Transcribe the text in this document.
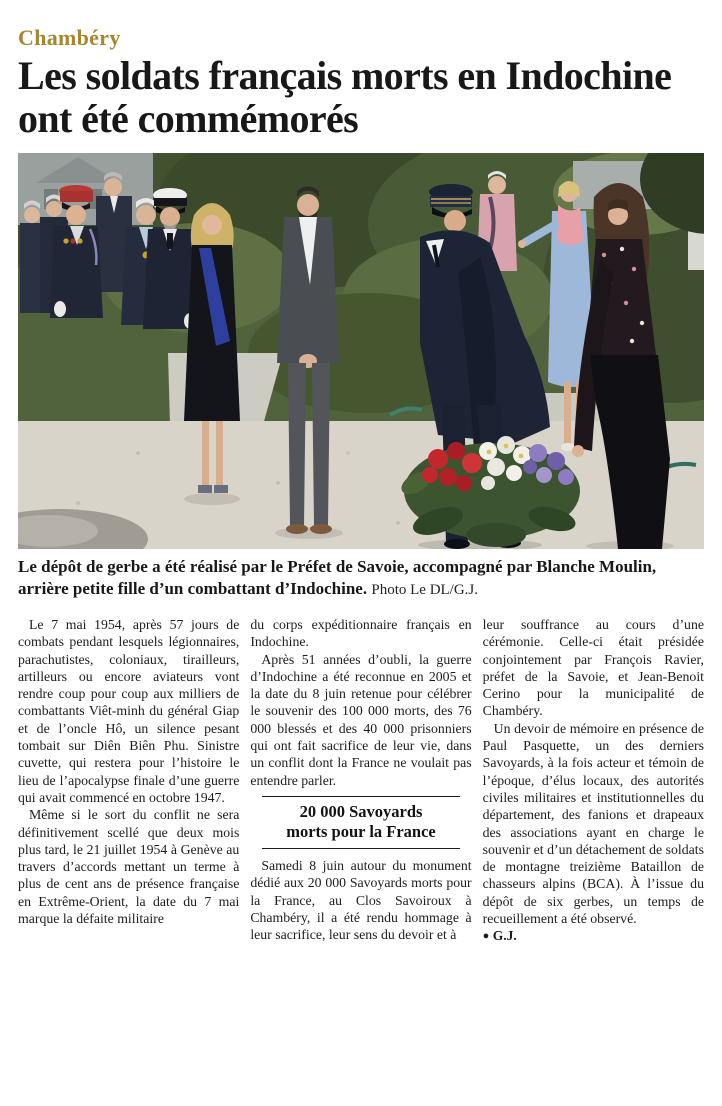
Chambéry
Les soldats français morts en Indochine ont été commémorés

Le dépôt de gerbe a été réalisé par le Préfet de Savoie, accompagné par Blanche Moulin, arrière petite fille d’un combattant d’Indochine. Photo Le DL/G.J.

Le 7 mai 1954, après 57 jours de combats pendant lesquels légionnaires, parachutistes, coloniaux, tirailleurs, artilleurs ou encore aviateurs vont rendre coup pour coup aux milliers de combattants Viêt-minh du général Giap et de l’oncle Hô, un silence pesant tombait sur Diên Biên Phu. Sinistre cuvette, qui restera pour l’histoire le lieu de l’apocalypse finale d’une guerre qui avait commencé en octobre 1947.

Même si le sort du conflit ne sera définitivement scellé que deux mois plus tard, le 21 juillet 1954 à Genève au travers d’accords mettant un terme à plus de cent ans de présence française en Extrême-Orient, la date du 7 mai marque la défaite militaire

du corps expéditionnaire français en Indochine.

Après 51 années d’oubli, la guerre d’Indochine a été reconnue en 2005 et la date du 8 juin retenue pour célébrer le souvenir des 100 000 morts, des 76 000 blessés et des 40 000 prisonniers qui ont fait sacrifice de leur vie, dans un conflit dont la France ne voulait pas entendre parler.

20 000 Savoyards
morts pour la France

Samedi 8 juin autour du monument dédié aux 20 000 Savoyards morts pour la France, au Clos Savoiroux à Chambéry, il a été rendu hommage à leur sacrifice, leur sens du devoir et à

leur souffrance au cours d’une cérémonie. Celle-ci était présidée conjointement par François Ravier, préfet de la Savoie, et Jean-Benoit Cerino pour la municipalité de Chambéry.

Un devoir de mémoire en présence de Paul Pasquette, un des derniers Savoyards, à la fois acteur et témoin de l’époque, d’élus locaux, des autorités civiles militaires et institutionnelles du département, des fanions et drapeaux des associations ayant en charge le souvenir et d’un détachement de soldats de montagne treizième Bataillon de chasseurs alpins (BCA). À l’issue du dépôt de six gerbes, un temps de recueillement a été observé.

● G.J.
